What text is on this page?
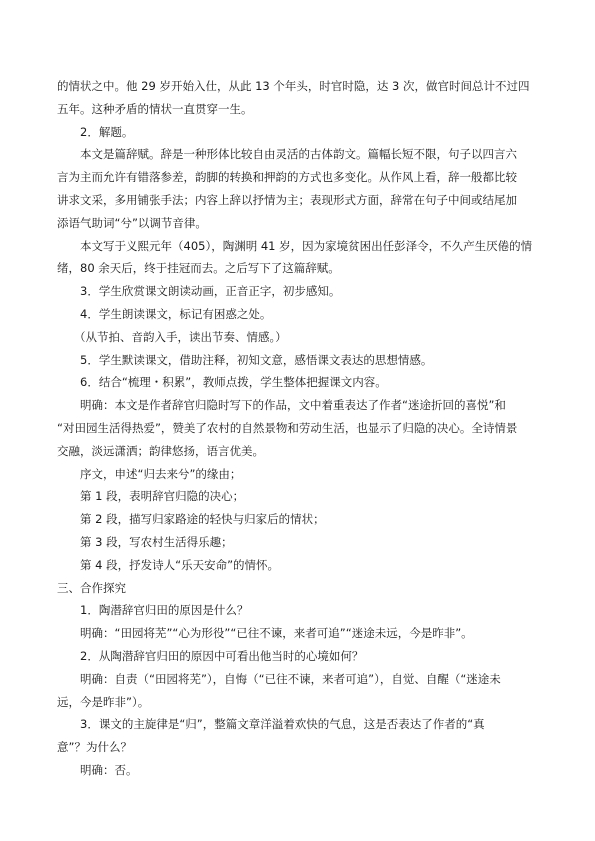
的情状之中。他 29 岁开始入仕，从此 13 个年头，时官时隐，达 3 次，做官时间总计不过四
五年。这种矛盾的情状一直贯穿一生。
2．解题。
本文是篇辞赋。辞是一种形体比较自由灵活的古体韵文。篇幅长短不限，句子以四言六
言为主而允许有错落参差，韵脚的转换和押韵的方式也多变化。从作风上看，辞一般都比较
讲求文采，多用铺张手法；内容上辞以抒情为主；表现形式方面，辞常在句子中间或结尾加
添语气助词“兮”以调节音律。
本文写于义熙元年（405），陶渊明 41 岁，因为家境贫困出任彭泽令，不久产生厌倦的情
绪，80 余天后，终于挂冠而去。之后写下了这篇辞赋。
3．学生欣赏课文朗读动画，正音正字，初步感知。
4．学生朗读课文，标记有困惑之处。
（从节拍、音韵入手，读出节奏、情感。）
5．学生默读课文，借助注释，初知文意，感悟课文表达的思想情感。
6．结合“梳理・积累”，教师点拨，学生整体把握课文内容。
明确：本文是作者辞官归隐时写下的作品，文中着重表达了作者“迷途折回的喜悦”和
“对田园生活得热爱”，赞美了农村的自然景物和劳动生活，也显示了归隐的决心。全诗情景
交融，淡远潇洒；韵律悠扬，语言优美。
序文，申述“归去来兮”的缘由；
第 1 段，表明辞官归隐的决心；
第 2 段，描写归家路途的轻快与归家后的情状；
第 3 段，写农村生活得乐趣；
第 4 段，抒发诗人“乐天安命”的情怀。
三、合作探究
1．陶潜辞官归田的原因是什么？
明确：“田园将芜”“心为形役”“已往不谏，来者可追”“迷途未远，今是昨非”。
2．从陶潜辞官归田的原因中可看出他当时的心境如何？
明确：自责（“田园将芜”），自悔（“已往不谏，来者可追”），自觉、自醒（“迷途未
远，今是昨非”）。
3．课文的主旋律是“归”，整篇文章洋溢着欢快的气息，这是否表达了作者的“真
意”？为什么？
明确：否。
